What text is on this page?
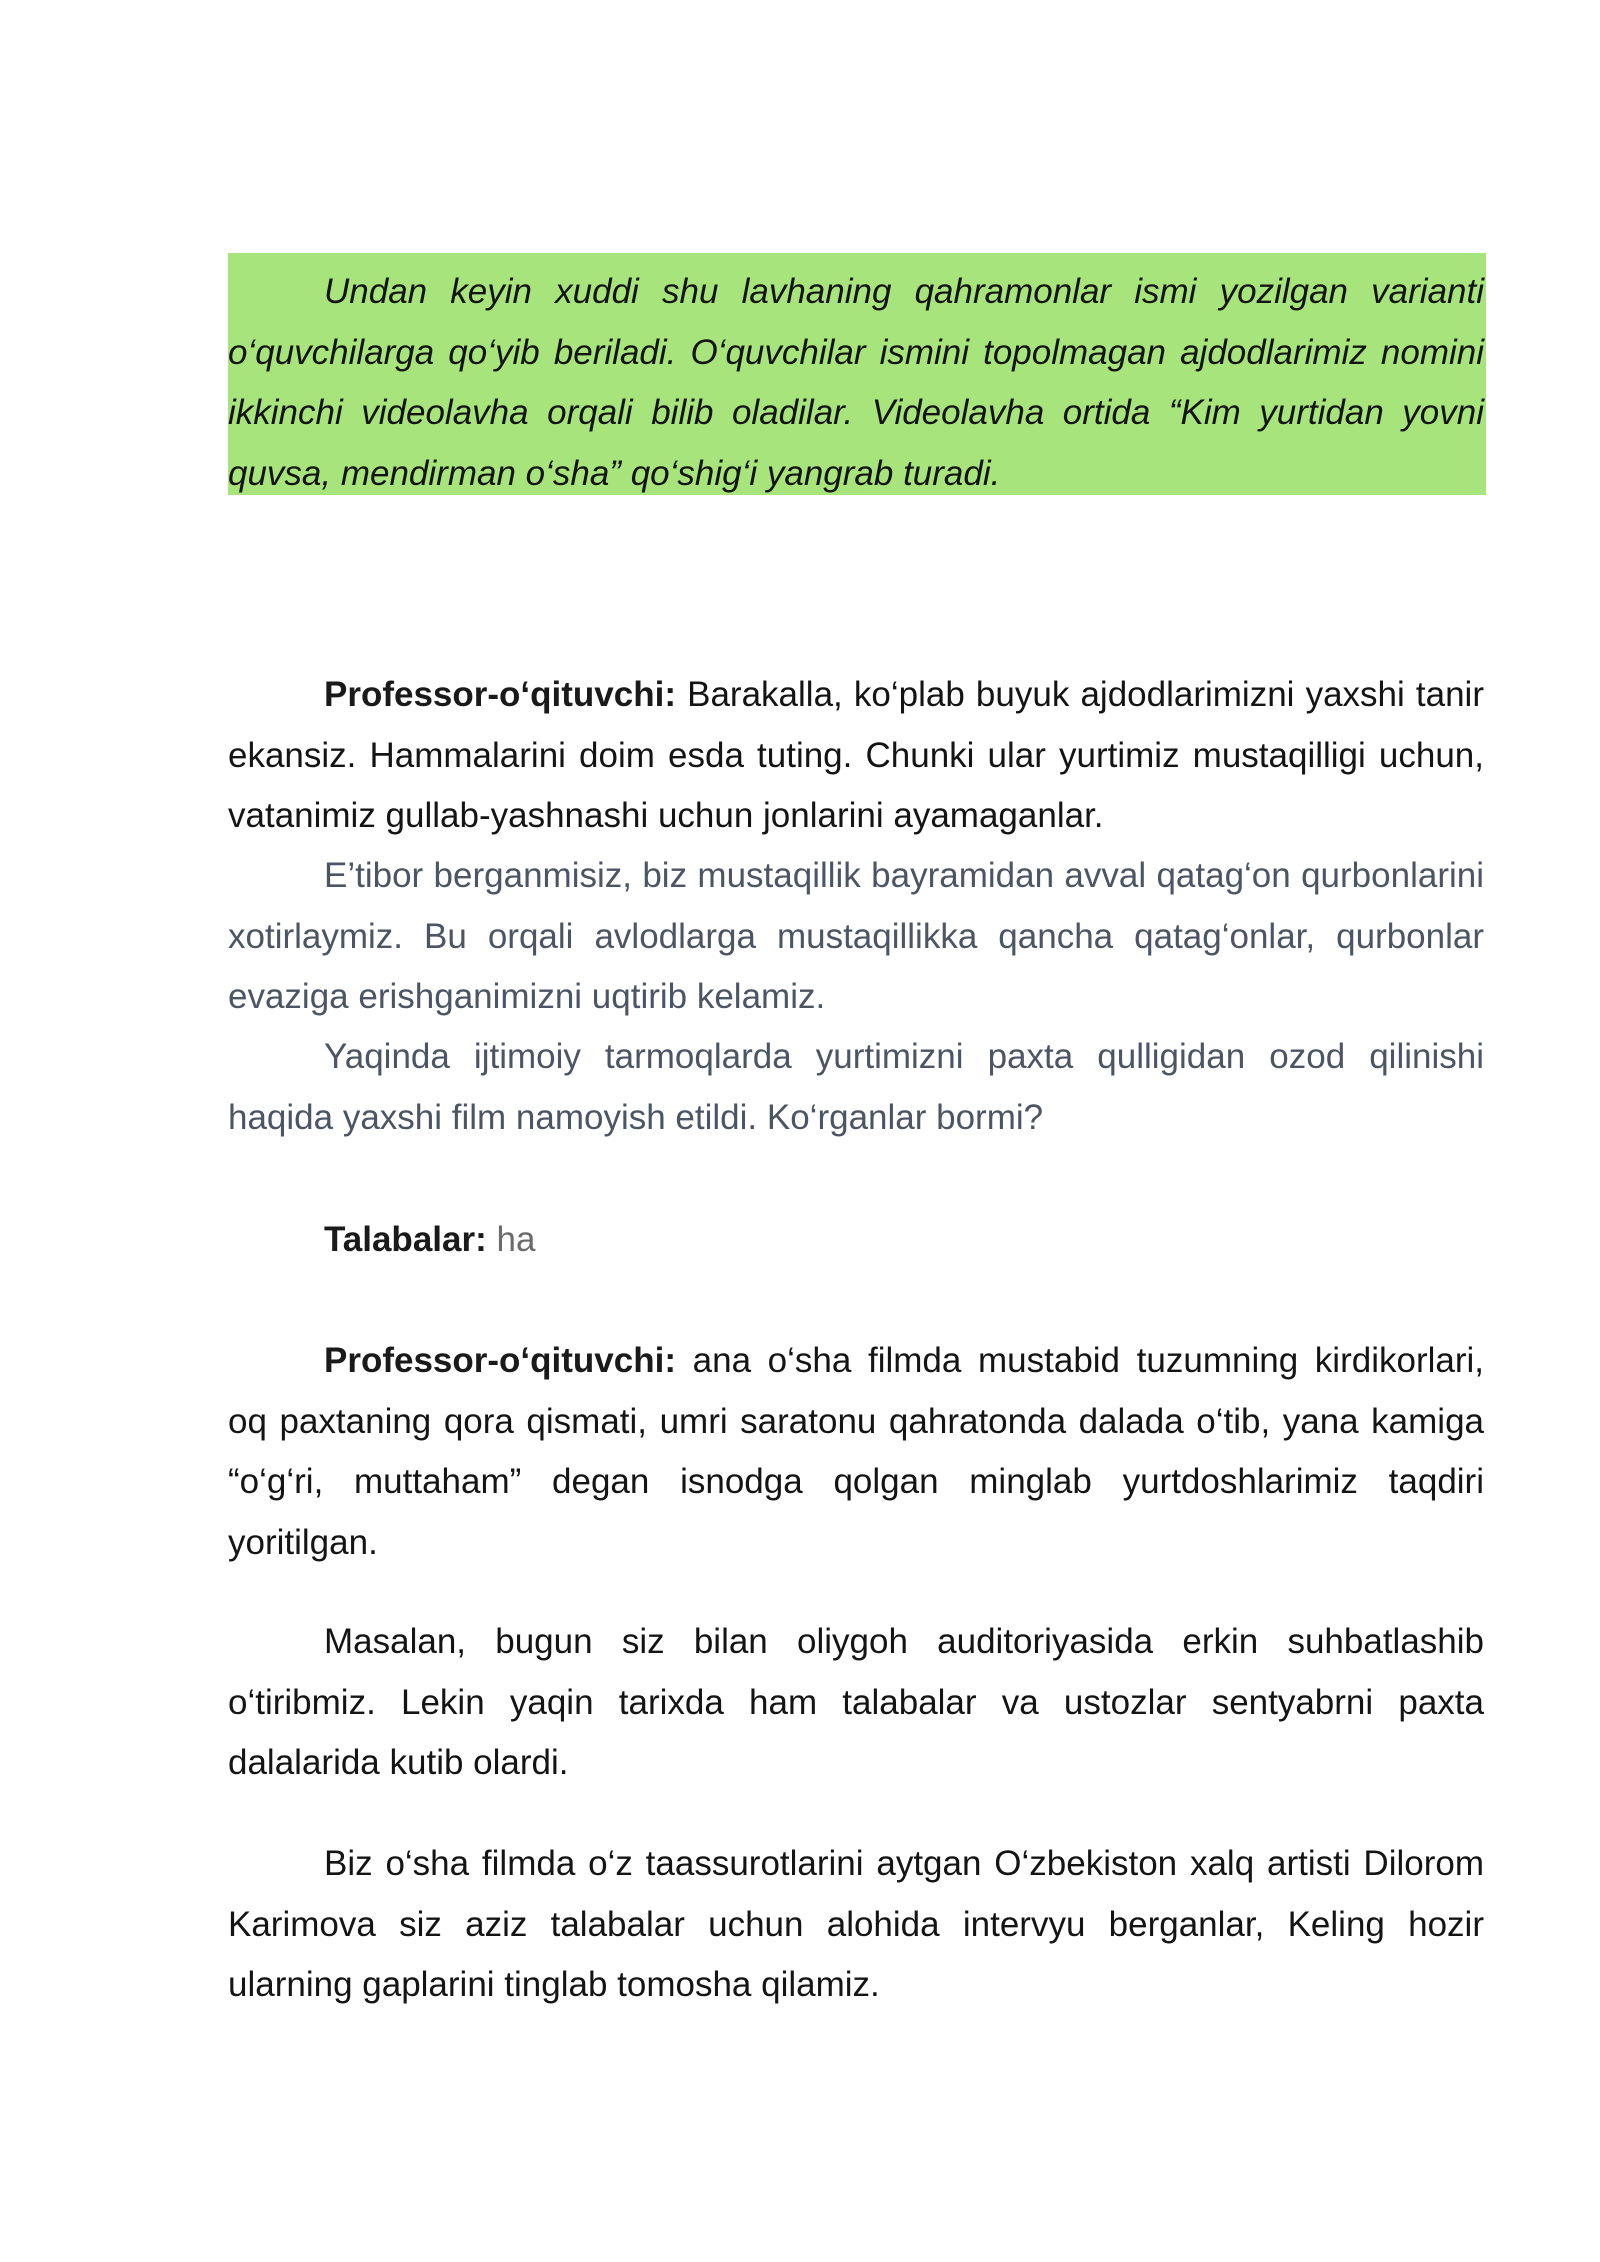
Undan keyin xuddi shu lavhaning qahramonlar ismi yozilgan varianti o‘quvchilarga qo‘yib beriladi. O‘quvchilar ismini topolmagan ajdodlarimiz nomini ikkinchi videolavha orqali bilib oladilar. Videolavha ortida “Kim yurtidan yovni quvsa, mendirman o‘sha” qo‘shig‘i yangrab turadi.

Professor-o‘qituvchi: Barakalla, ko‘plab buyuk ajdodlarimizni yaxshi tanir ekansiz. Hammalarini doim esda tuting. Chunki ular yurtimiz mustaqilligi uchun, vatanimiz gullab-yashnashi uchun jonlarini ayamaganlar.

E’tibor berganmisiz, biz mustaqillik bayramidan avval qatag‘on qurbonlarini xotirlaymiz. Bu orqali avlodlarga mustaqillikka qancha qatag‘onlar, qurbonlar evaziga erishganimizni uqtirib kelamiz.

Yaqinda ijtimoiy tarmoqlarda yurtimizni paxta qulligidan ozod qilinishi haqida yaxshi film namoyish etildi. Ko‘rganlar bormi?

Talabalar: ha

Professor-o‘qituvchi: ana o‘sha filmda mustabid tuzumning kirdikorlari, oq paxtaning qora qismati, umri saratonu qahratonda dalada o‘tib, yana kamiga “o‘g‘ri, muttaham” degan isnodga qolgan minglab yurtdoshlarimiz taqdiri yoritilgan.

Masalan, bugun siz bilan oliygoh auditoriyasida erkin suhbatlashib o‘tiribmiz. Lekin yaqin tarixda ham talabalar va ustozlar sentyabrni paxta dalalarida kutib olardi.

Biz o‘sha filmda o‘z taassurotlarini aytgan O‘zbekiston xalq artisti Dilorom Karimova siz aziz talabalar uchun alohida intervyu berganlar, Keling hozir ularning gaplarini tinglab tomosha qilamiz.
